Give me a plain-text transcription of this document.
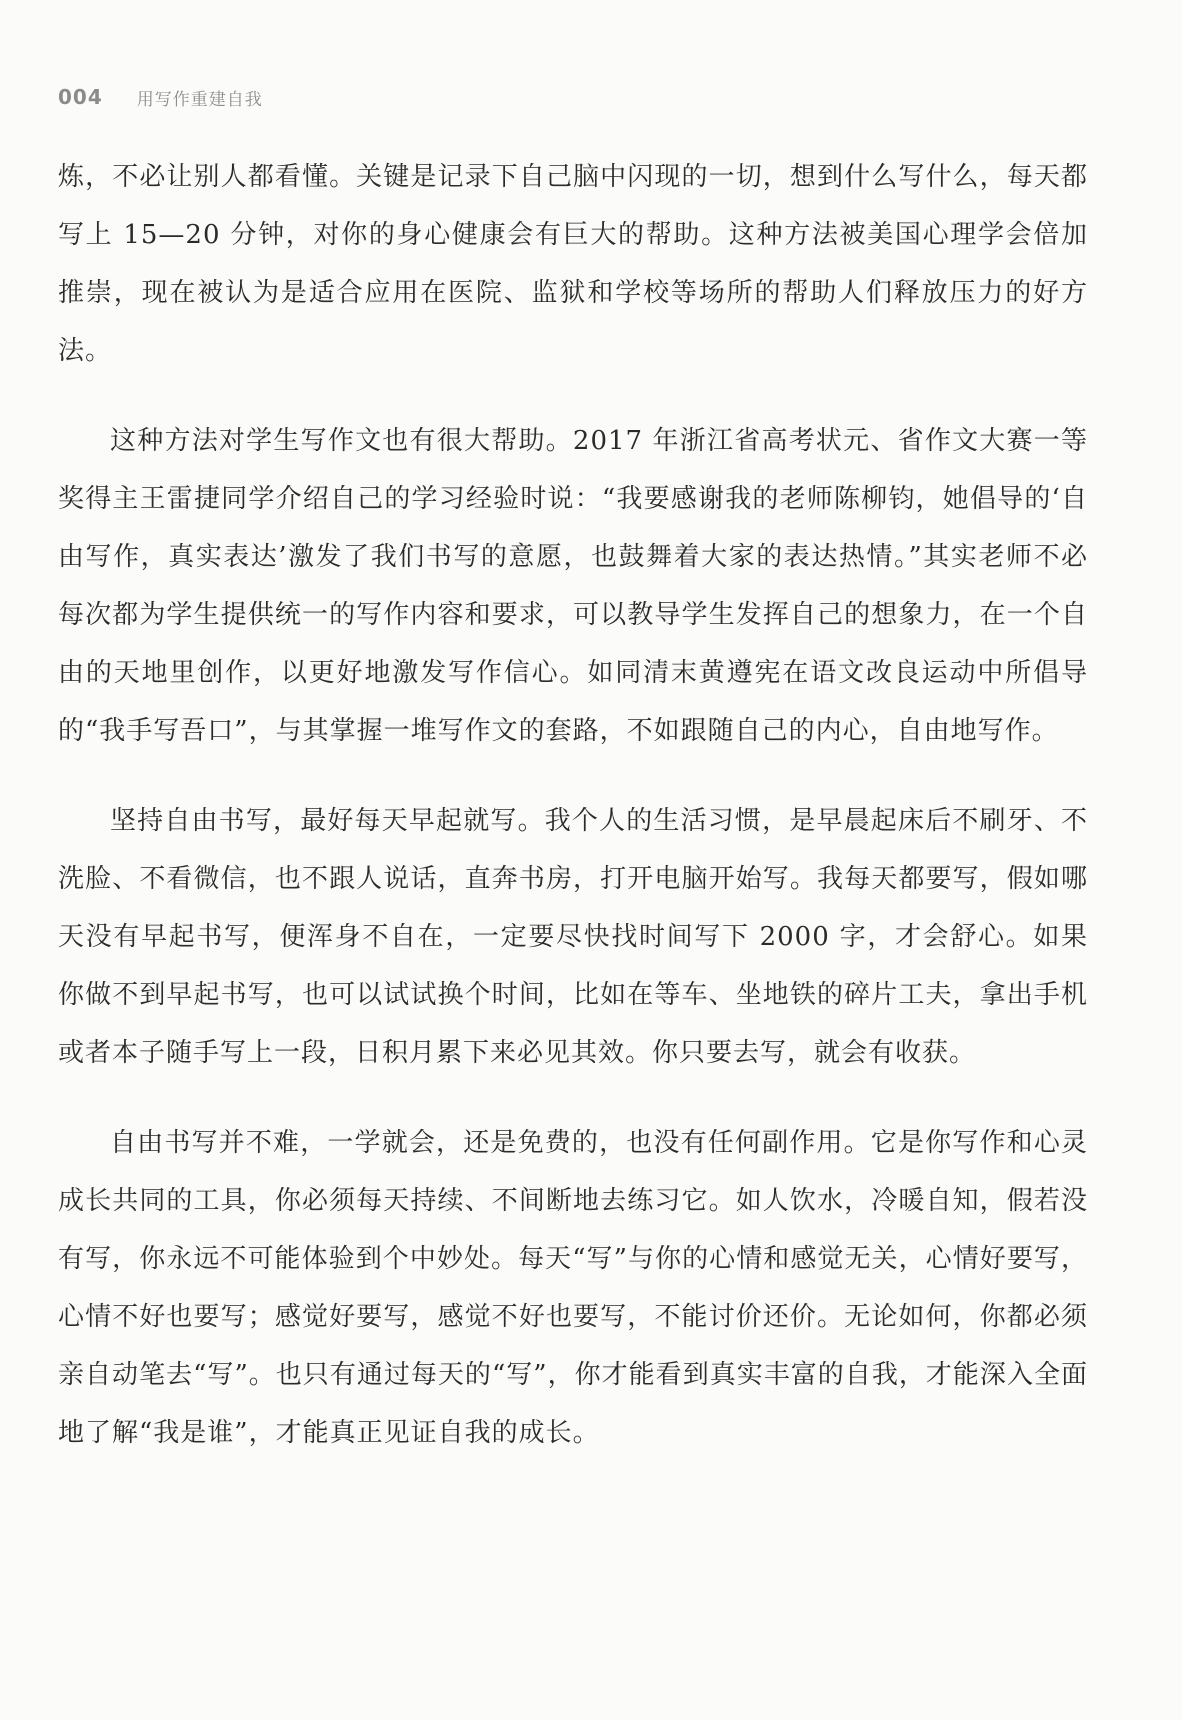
004 用写作重建自我

炼，不必让别人都看懂。关键是记录下自己脑中闪现的一切，想到什么写什么，每天都写上 15—20 分钟，对你的身心健康会有巨大的帮助。这种方法被美国心理学会倍加推崇，现在被认为是适合应用在医院、监狱和学校等场所的帮助人们释放压力的好方法。

这种方法对学生写作文也有很大帮助。2017 年浙江省高考状元、省作文大赛一等奖得主王雷捷同学介绍自己的学习经验时说：“我要感谢我的老师陈柳钧，她倡导的‘自由写作，真实表达’激发了我们书写的意愿，也鼓舞着大家的表达热情。”其实老师不必每次都为学生提供统一的写作内容和要求，可以教导学生发挥自己的想象力，在一个自由的天地里创作，以更好地激发写作信心。如同清末黄遵宪在语文改良运动中所倡导的“我手写吾口”，与其掌握一堆写作文的套路，不如跟随自己的内心，自由地写作。

坚持自由书写，最好每天早起就写。我个人的生活习惯，是早晨起床后不刷牙、不洗脸、不看微信，也不跟人说话，直奔书房，打开电脑开始写。我每天都要写，假如哪天没有早起书写，便浑身不自在，一定要尽快找时间写下 2000 字，才会舒心。如果你做不到早起书写，也可以试试换个时间，比如在等车、坐地铁的碎片工夫，拿出手机或者本子随手写上一段，日积月累下来必见其效。你只要去写，就会有收获。

自由书写并不难，一学就会，还是免费的，也没有任何副作用。它是你写作和心灵成长共同的工具，你必须每天持续、不间断地去练习它。如人饮水，冷暖自知，假若没有写，你永远不可能体验到个中妙处。每天“写”与你的心情和感觉无关，心情好要写，心情不好也要写；感觉好要写，感觉不好也要写，不能讨价还价。无论如何，你都必须亲自动笔去“写”。也只有通过每天的“写”，你才能看到真实丰富的自我，才能深入全面地了解“我是谁”，才能真正见证自我的成长。
